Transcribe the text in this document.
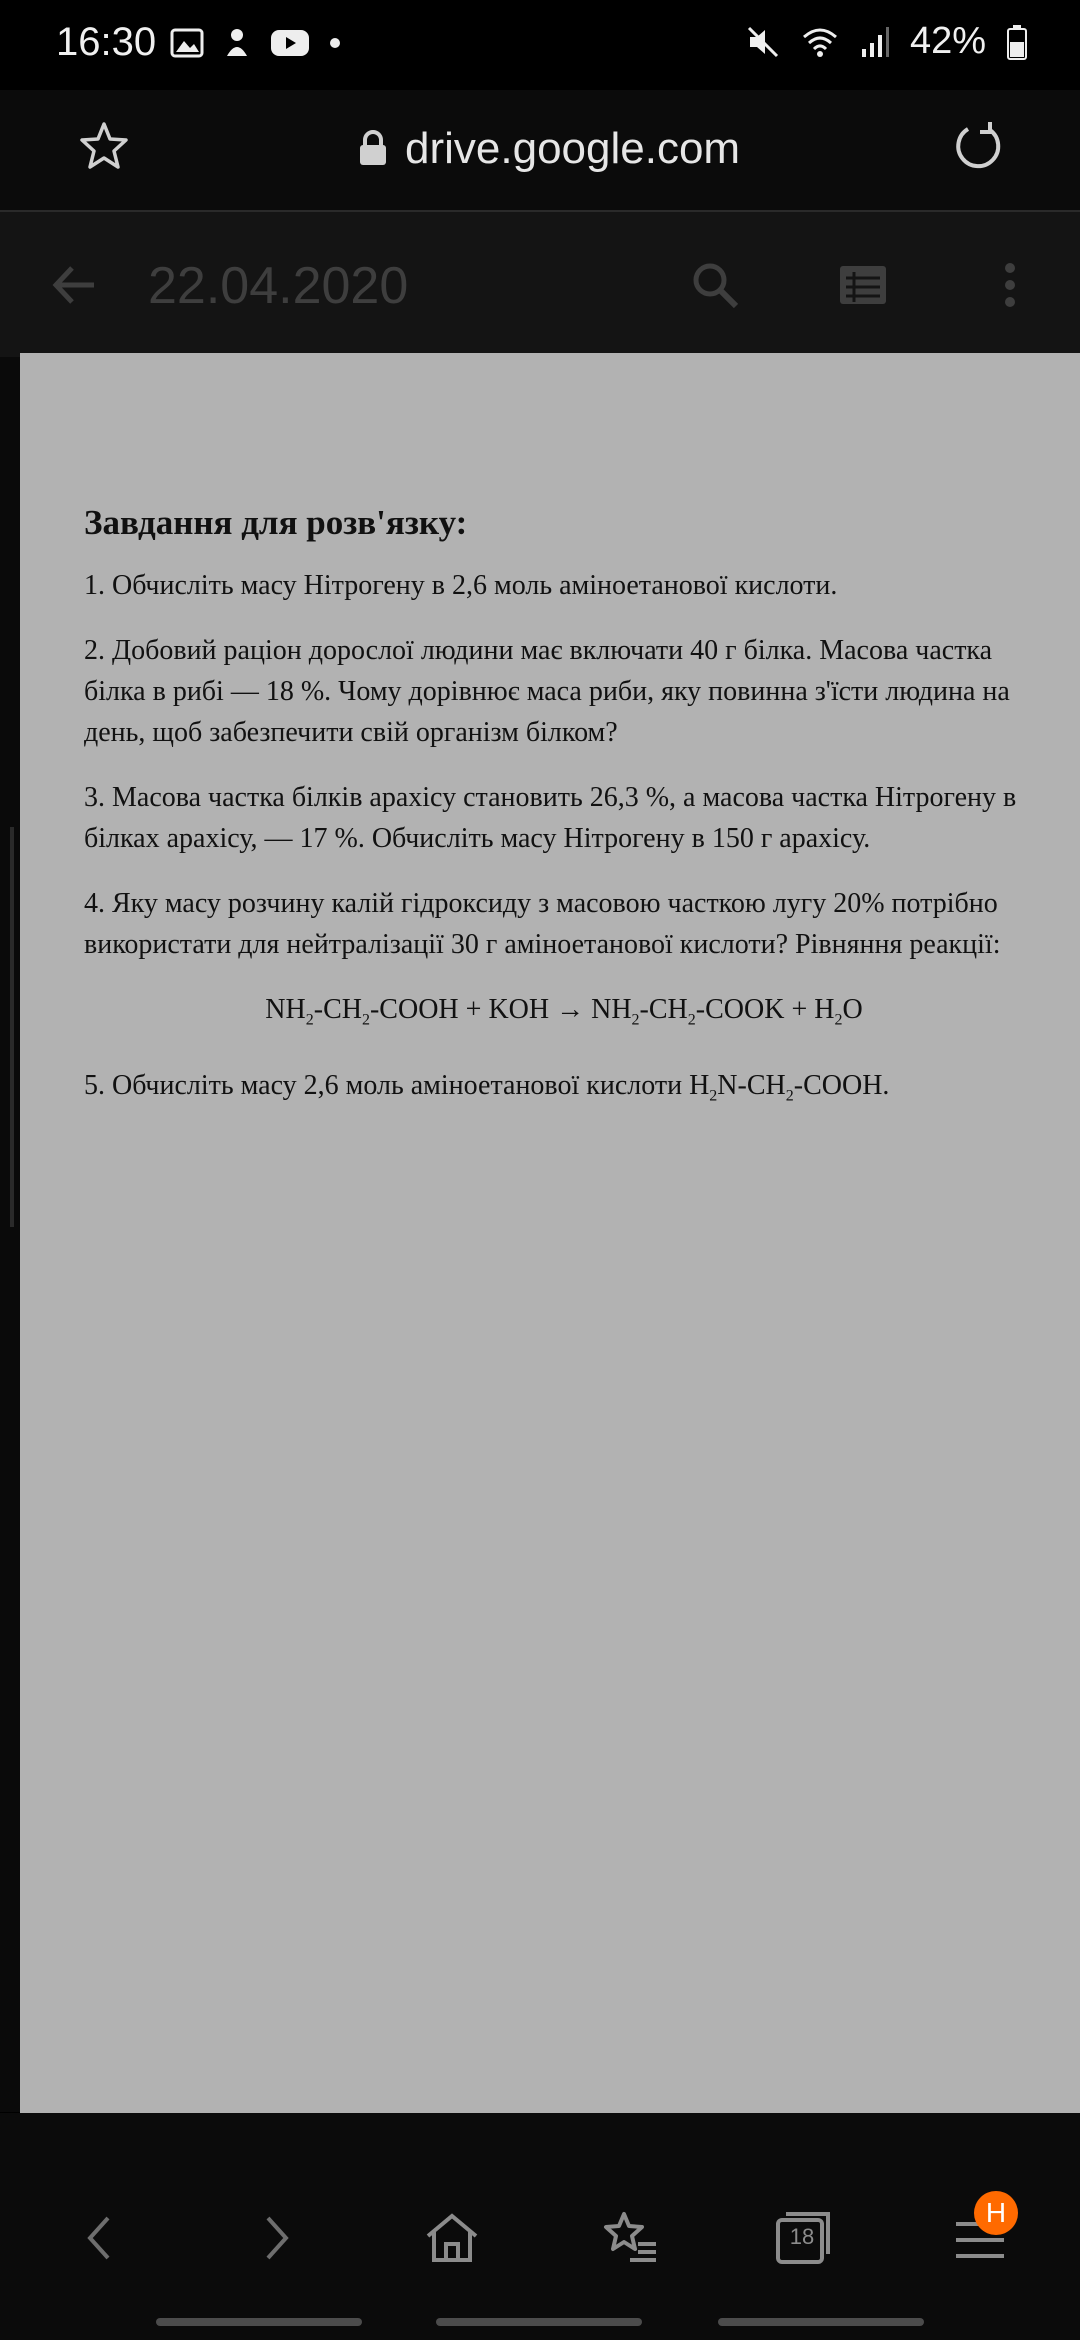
16:30	42%
drive.google.com
22.04.2020

Завдання для розв'язку:

1. Обчисліть масу Нітрогену в 2,6 моль аміноетанової кислоти.

2. Добовий раціон дорослої людини має включати 40 г білка. Масова частка білка в рибі — 18 %. Чому дорівнює маса риби, яку повинна з'їсти людина на день, щоб забезпечити свій організм білком?

3. Масова частка білків арахісу становить 26,3 %, а масова частка Нітрогену в білках арахісу, — 17 %. Обчисліть масу Нітрогену в 150 г арахісу.

4. Яку масу розчину калій гідроксиду з масовою часткою лугу 20% потрібно використати для нейтралізації 30 г аміноетанової кислоти? Рівняння реакції:

$NH_2-CH_2$-COOH + KOH → $NH_2-CH_2$-COOK + $H_2O$

5. Обчисліть масу 2,6 моль аміноетанової кислоти $H_2N-CH_2$-COOH.

18
H
